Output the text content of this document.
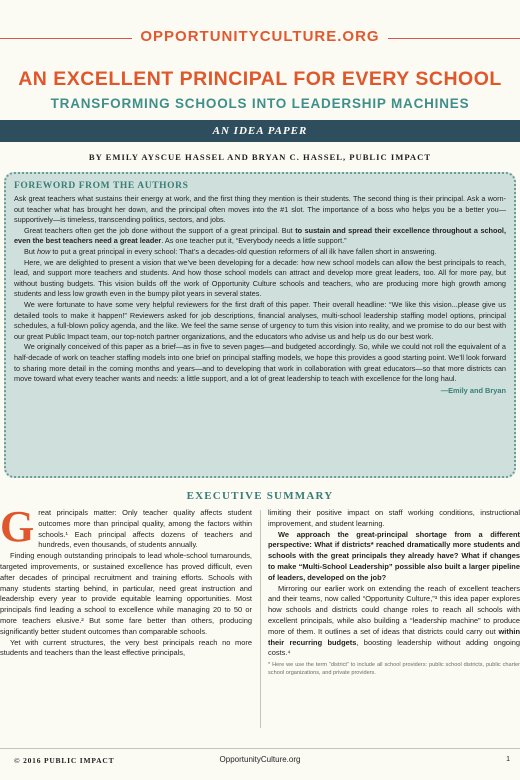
OPPORTUNITYCULTURE.ORG
AN EXCELLENT PRINCIPAL FOR EVERY SCHOOL
TRANSFORMING SCHOOLS INTO LEADERSHIP MACHINES
AN IDEA PAPER
BY EMILY AYSCUE HASSEL AND BRYAN C. HASSEL, PUBLIC IMPACT
FOREWORD FROM THE AUTHORS

Ask great teachers what sustains their energy at work, and the first thing they mention is their students. The second thing is their principal. Ask a worn-out teacher what has brought her down, and the principal often moves into the #1 slot. The importance of a boss who helps you be a better you—supportively—is timeless, transcending politics, sectors, and jobs.

Great teachers often get the job done without the support of a great principal. But to sustain and spread their excellence throughout a school, even the best teachers need a great leader. As one teacher put it, “Everybody needs a little support.”

But how to put a great principal in every school: That’s a decades-old question reformers of all ilk have fallen short in answering.

Here, we are delighted to present a vision that we’ve been developing for a decade: how new school models can allow the best principals to reach, lead, and support more teachers and students. And how those school models can attract and develop more great leaders, too. All for more pay, but without busting budgets. This vision builds off the work of Opportunity Culture schools and teachers, who are producing more high growth among students and less low growth even in the bumpy pilot years in several states.

We were fortunate to have some very helpful reviewers for the first draft of this paper. Their overall headline: “We like this vision...please give us detailed tools to make it happen!” Reviewers asked for job descriptions, financial analyses, multi-school leadership staffing model options, principal schedules, a full-blown policy agenda, and the like. We feel the same sense of urgency to turn this vision into reality, and we promise to do our best with our great Public Impact team, our top-notch partner organizations, and the educators who advise us and help us do our best work.

We originally conceived of this paper as a brief—as in five to seven pages—and budgeted accordingly. So, while we could not roll the equivalent of a half-decade of work on teacher staffing models into one brief on principal staffing models, we hope this provides a good starting point. We’ll look forward to sharing more detail in the coming months and years—and to developing that work in collaboration with great educators—so that more districts can move toward what every teacher wants and needs: a little support, and a lot of great leadership to teach with excellence for the long haul.

—Emily and Bryan
EXECUTIVE SUMMARY

Great principals matter: Only teacher quality affects student outcomes more than principal quality, among the factors within schools.¹ Each principal affects dozens of teachers and hundreds, even thousands, of students annually.

Finding enough outstanding principals to lead whole-school turnarounds, targeted improvements, or sustained excellence has proved difficult, even after decades of principal recruitment and training efforts. Schools with many students starting behind, in particular, need great instruction and leadership every year to provide equitable learning opportunities. Most principals find leading a school to excellence while managing 20 to 50 or more teachers elusive.² But some fare better than others, producing significantly better student outcomes than comparable schools.

Yet with current structures, the very best principals reach no more students and teachers than the least effective principals,

limiting their positive impact on staff working conditions, instructional improvement, and student learning.

We approach the great-principal shortage from a different perspective: What if districts* reached dramatically more students and schools with the great principals they already have? What if changes to make “Multi-School Leadership” possible also built a larger pipeline of leaders, developed on the job?

Mirroring our earlier work on extending the reach of excellent teachers and their teams, now called “Opportunity Culture,”³ this idea paper explores how schools and districts could change roles to reach all schools with excellent principals, while also building a “leadership machine” to produce more of them. It outlines a set of ideas that districts could carry out within their recurring budgets, boosting leadership without adding ongoing costs.⁴

* Here we use the term “district” to include all school providers: public school districts, public charter school organizations, and private providers.
© 2016 PUBLIC IMPACT	OpportunityCulture.org	1
